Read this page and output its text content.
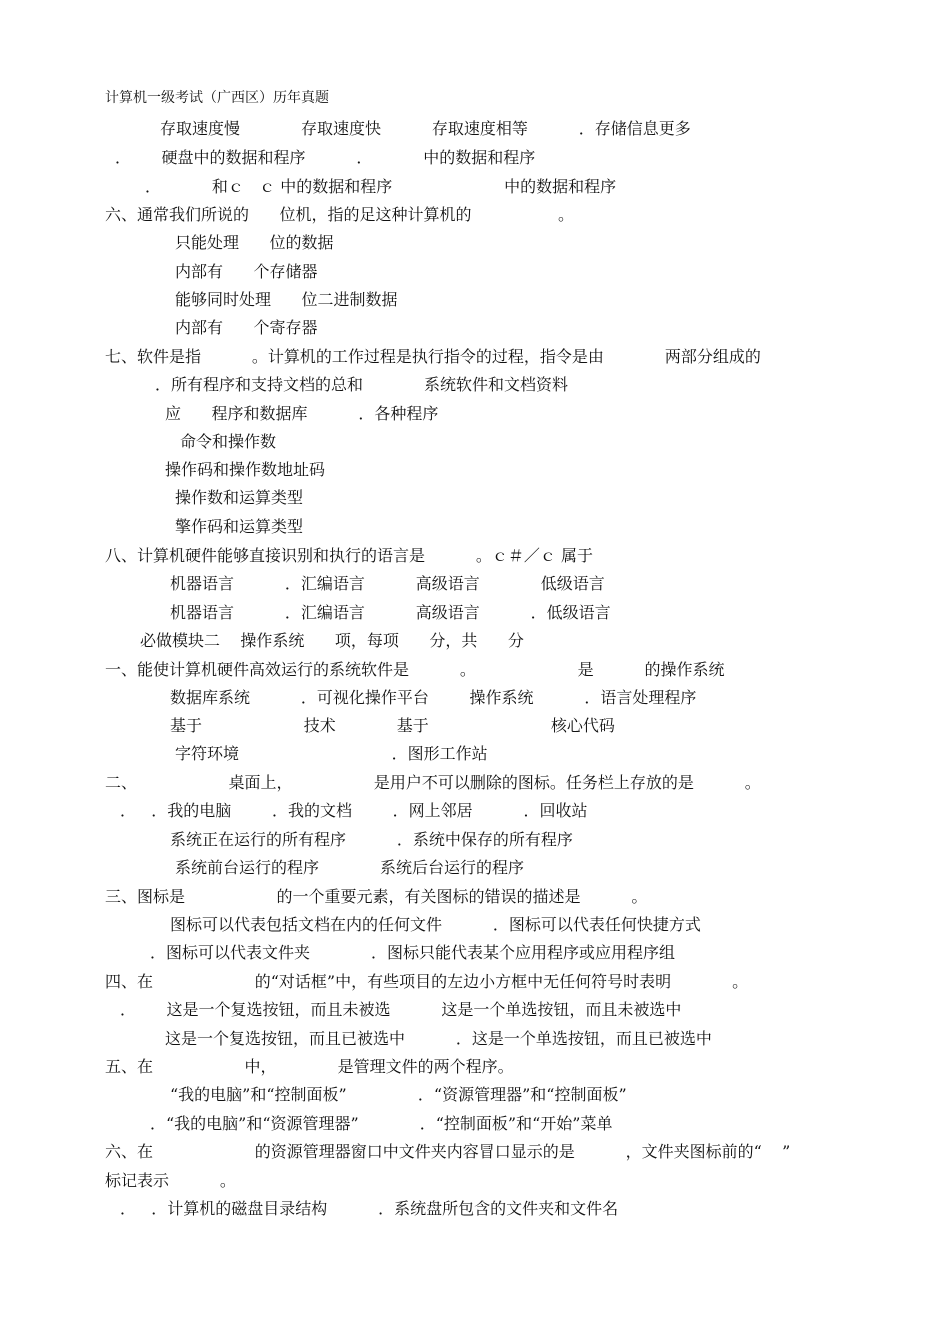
计算机一级考试（广西区）历年真题
存取速度慢            存取速度快          存取速度相等          ．存储信息更多
．      硬盘中的数据和程序          ．          中的数据和程序
．          和ｃ   ｃ 中的数据和程序                      中的数据和程序
六、通常我们所说的      位机，指的足这种计算机的                 。
只能处理      位的数据
内部有      个存储器
能够同时处理      位二进制数据
内部有      个寄存器
七、软件是指          。计算机的工作过程是执行指令的过程，指令是由            两部分组成的
．所有程序和支持文档的总和            系统软件和文档资料
应      程序和数据库          ．各种程序
命令和操作数
操作码和操作数地址码
操作数和运算类型
擎作码和运算类型
八、计算机硬件能够直接识别和执行的语言是          。ｃ＃／ｃ 属于
机器语言          ．汇编语言          高级语言            低级语言
机器语言          ．汇编语言          高级语言          ．低级语言
必做模块二    操作系统      项，每项      分，共      分
一、能使计算机硬件高效运行的系统软件是          。                    是          的操作系统
数据库系统          ．可视化操作平台        操作系统          ．语言处理程序
基于                    技术            基于                        核心代码
字符环境                              ．图形工作站
二、                  桌面上，                是用户不可以删除的图标。任务栏上存放的是          。
．   ．我的电脑        ．我的文档        ．网上邻居          ．回收站
系统正在运行的所有程序          ．系统中保存的所有程序
系统前台运行的程序            系统后台运行的程序
三、图标是                  的一个重要元素，有关图标的错误的描述是          。
图标可以代表包括文档在内的任何文件          ．图标可以代表任何快捷方式
．图标可以代表文件夹            ．图标只能代表某个应用程序或应用程序组
四、在                    的“对话框”中，有些项目的左边小方框中无任何符号时表明            。
．      这是一个复选按钮，而且未被选          这是一个单选按钮，而且未被选中
这是一个复选按钮，而且已被选中          ．这是一个单选按钮，而且已被选中
五、在                  中，            是管理文件的两个程序。
“我的电脑”和“控制面板”              ．“资源管理器”和“控制面板”
．“我的电脑”和“资源管理器”            ．“控制面板”和“开始”菜单
六、在                    的资源管理器窗口中文件夹内容冒口显示的是          ，文件夹图标前的“    ”
标记表示          。
．   ．计算机的磁盘目录结构          ．系统盘所包含的文件夹和文件名
